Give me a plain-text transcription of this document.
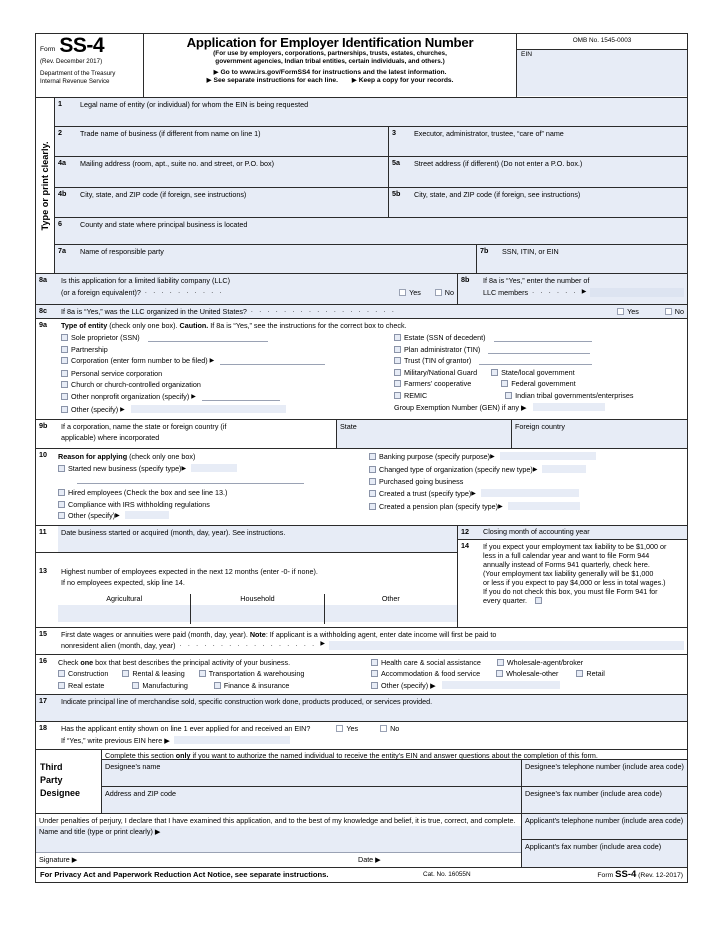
Form SS-4
(Rev. December 2017)
Department of the Treasury
Internal Revenue Service
Application for Employer Identification Number
(For use by employers, corporations, partnerships, trusts, estates, churches,
government agencies, Indian tribal entities, certain individuals, and others.)
▶ Go to www.irs.gov/FormSS4 for instructions and the latest information.
▶ See separate instructions for each line. ▶ Keep a copy for your records.
OMB No. 1545-0003
EIN
Type or print clearly.
1	Legal name of entity (or individual) for whom the EIN is being requested
2	Trade name of business (if different from name on line 1)	3	Executor, administrator, trustee, “care of” name
4a	Mailing address (room, apt., suite no. and street, or P.O. box)	5a	Street address (if different) (Do not enter a P.O. box.)
4b	City, state, and ZIP code (if foreign, see instructions)	5b	City, state, and ZIP code (if foreign, see instructions)
6	County and state where principal business is located
7a	Name of responsible party	7b	SSN, ITIN, or EIN
8a	Is this application for a limited liability company (LLC)
(or a foreign equivalent)? . . . . . . . . . .	Yes	No
8b	If 8a is “Yes,” enter the number of
LLC members . . . . . . ▶
8c	If 8a is “Yes,” was the LLC organized in the United States? . . . . . . . . . . . . . . . . . .	Yes	No
9a	Type of entity (check only one box). Caution. If 8a is “Yes,” see the instructions for the correct box to check.
Sole proprietor (SSN)
Partnership
Corporation (enter form number to be filed) ▶
Personal service corporation
Church or church-controlled organization
Other nonprofit organization (specify) ▶
Other (specify) ▶
Estate (SSN of decedent)
Plan administrator (TIN)
Trust (TIN of grantor)
Military/National Guard	State/local government
Farmers’ cooperative	Federal government
REMIC	Indian tribal governments/enterprises
Group Exemption Number (GEN) if any ▶
9b	If a corporation, name the state or foreign country (if
applicable) where incorporated
State	Foreign country
10	Reason for applying (check only one box)
Started new business (specify type)▶
Hired employees (Check the box and see line 13.)
Compliance with IRS withholding regulations
Other (specify)▶
Banking purpose (specify purpose)▶
Changed type of organization (specify new type)▶
Purchased going business
Created a trust (specify type)▶
Created a pension plan (specify type)▶
11	Date business started or acquired (month, day, year). See instructions.
13	Highest number of employees expected in the next 12 months (enter -0- if none).
If no employees expected, skip line 14.
Agricultural	Household	Other
12	Closing month of accounting year
14	If you expect your employment tax liability to be $1,000 or
less in a full calendar year and want to file Form 944
annually instead of Forms 941 quarterly, check here.
(Your employment tax liability generally will be $1,000
or less if you expect to pay $4,000 or less in total wages.)
If you do not check this box, you must file Form 941 for
every quarter.
15	First date wages or annuities were paid (month, day, year). Note: If applicant is a withholding agent, enter date income will first be paid to
nonresident alien (month, day, year) . . . . . . . . . . . . . . . . . ▶
16	Check one box that best describes the principal activity of your business.
Construction	Rental & leasing	Transportation & warehousing
Real estate	Manufacturing	Finance & insurance
Health care & social assistance	Wholesale-agent/broker
Accommodation & food service	Wholesale-other	Retail
Other (specify) ▶
17	Indicate principal line of merchandise sold, specific construction work done, products produced, or services provided.
18	Has the applicant entity shown on line 1 ever applied for and received an EIN?	Yes	No
If “Yes,” write previous EIN here ▶
Third
Party
Designee
Complete this section only if you want to authorize the named individual to receive the entity’s EIN and answer questions about the completion of this form.
Designee’s name	Designee’s telephone number (include area code)
Address and ZIP code	Designee’s fax number (include area code)
Under penalties of perjury, I declare that I have examined this application, and to the best of my knowledge and belief, it is true, correct, and complete.
Name and title (type or print clearly) ▶
Signature ▶	Date ▶
Applicant’s telephone number (include area code)
Applicant’s fax number (include area code)
For Privacy Act and Paperwork Reduction Act Notice, see separate instructions.	Cat. No. 16055N	Form SS-4 (Rev. 12-2017)
